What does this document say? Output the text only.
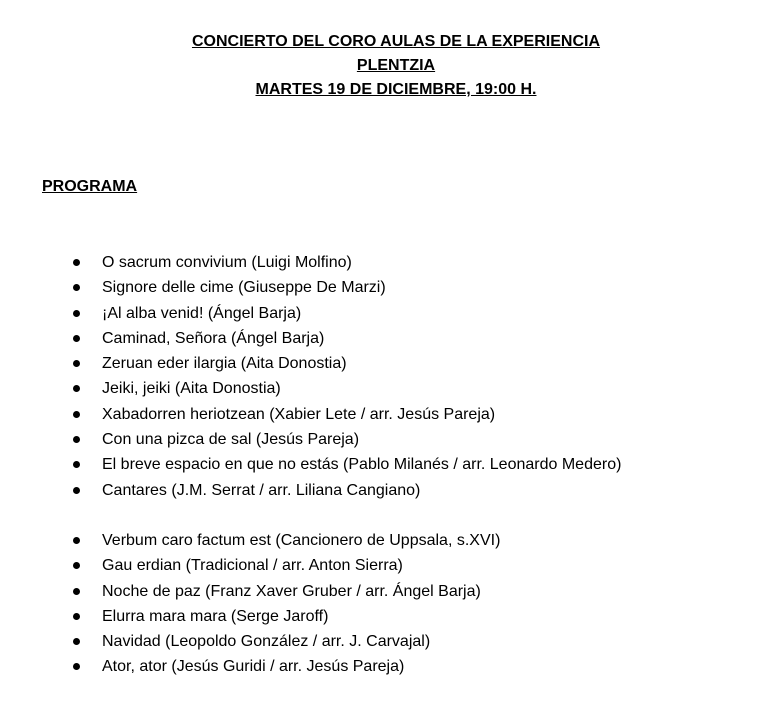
CONCIERTO DEL CORO AULAS DE LA EXPERIENCIA
PLENTZIA
MARTES 19 DE DICIEMBRE, 19:00 H.
PROGRAMA
O sacrum convivium (Luigi Molfino)
Signore delle cime (Giuseppe De Marzi)
¡Al alba venid! (Ángel Barja)
Caminad, Señora (Ángel Barja)
Zeruan eder ilargia (Aita Donostia)
Jeiki, jeiki (Aita Donostia)
Xabadorren heriotzean (Xabier Lete / arr. Jesús Pareja)
Con una pizca de sal (Jesús Pareja)
El breve espacio en que no estás (Pablo Milanés / arr. Leonardo Medero)
Cantares (J.M. Serrat / arr. Liliana Cangiano)
Verbum caro factum est (Cancionero de Uppsala, s.XVI)
Gau erdian (Tradicional / arr. Anton Sierra)
Noche de paz (Franz Xaver Gruber / arr. Ángel Barja)
Elurra mara mara (Serge Jaroff)
Navidad (Leopoldo González / arr. J. Carvajal)
Ator, ator (Jesús Guridi / arr. Jesús Pareja)
